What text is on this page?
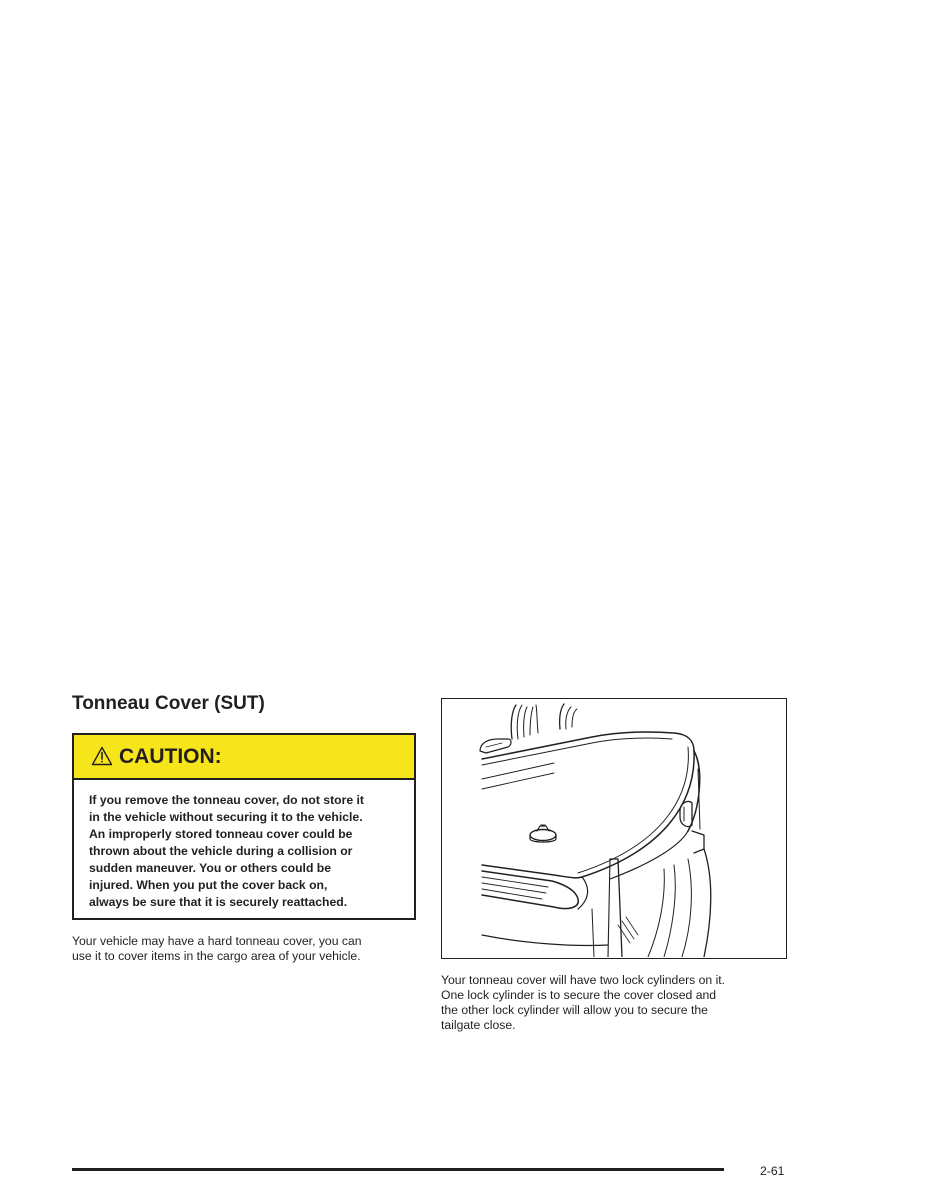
Tonneau Cover (SUT)
CAUTION:

If you remove the tonneau cover, do not store it
in the vehicle without securing it to the vehicle.
An improperly stored tonneau cover could be
thrown about the vehicle during a collision or
sudden maneuver. You or others could be
injured. When you put the cover back on,
always be sure that it is securely reattached.

Your vehicle may have a hard tonneau cover, you can
use it to cover items in the cargo area of your vehicle.

Your tonneau cover will have two lock cylinders on it.
One lock cylinder is to secure the cover closed and
the other lock cylinder will allow you to secure the
tailgate close.

2-61
